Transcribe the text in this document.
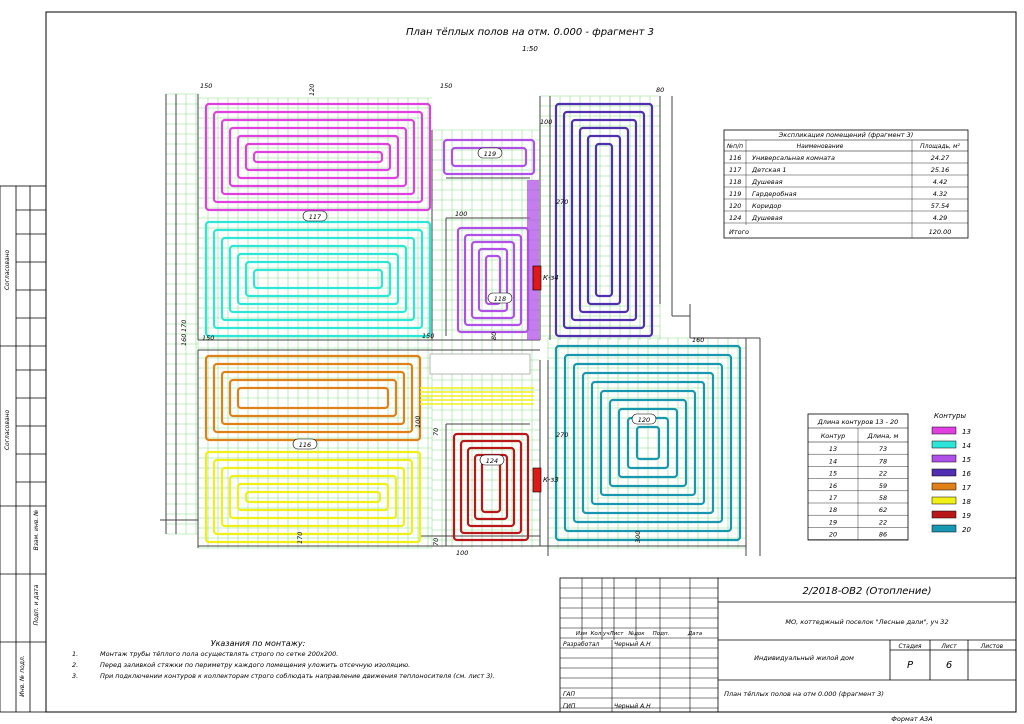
Согласовано
Согласовано
Взам. инв. №
Подп. и дата
Инв. № подл.
К-з4
К-з3
119
117
118
116
124
120
150	120	150	80
100
100
270
170
150	150	160
80
100
70	270
70
100
170	300
160
Экспликация помещений (фрагмент 3)
№п/п	Наименование	Площадь, м²
116 Универсальная комната	24.27
117 Детская 1	25.16
118 Душевая	4.42
119 Гардеробная	4.32
120 Коридор	57.54
124 Душевая	4.29
Итого	120.00
Длина контуров 13 - 20
Контур	Длина, м
13	73
14	78
15	22
16	59
17	58
18	62
19	22
20	86
Контуры
13
14
15
16
17
18
19
20
2/2018-ОВ2 (Отопление)
МО, коттеджный поселок "Лесные дали", уч 32
Индивидуальный жилой дом
План тёплых полов на отм 0.000 (фрагмент 3)
Изм Кол.уч Лист №док Подп.	Дата
Разработал Черный А.Н
ГАП
ГИП	Черный А.Н
Стадия	Лист	Листов
Р	6
Формат А3А
План тёплых полов на отм. 0.000 - фрагмент 3
1:50
Указания по монтажу:
1.	Монтаж трубы тёплого пола осуществлять строго по сетке 200х200.
2.	Перед заливкой стяжки по периметру каждого помещения уложить отсечную изоляцию.
3.	При подключении контуров к коллекторам строго соблюдать направление движения теплоносителя (см. лист 3).
